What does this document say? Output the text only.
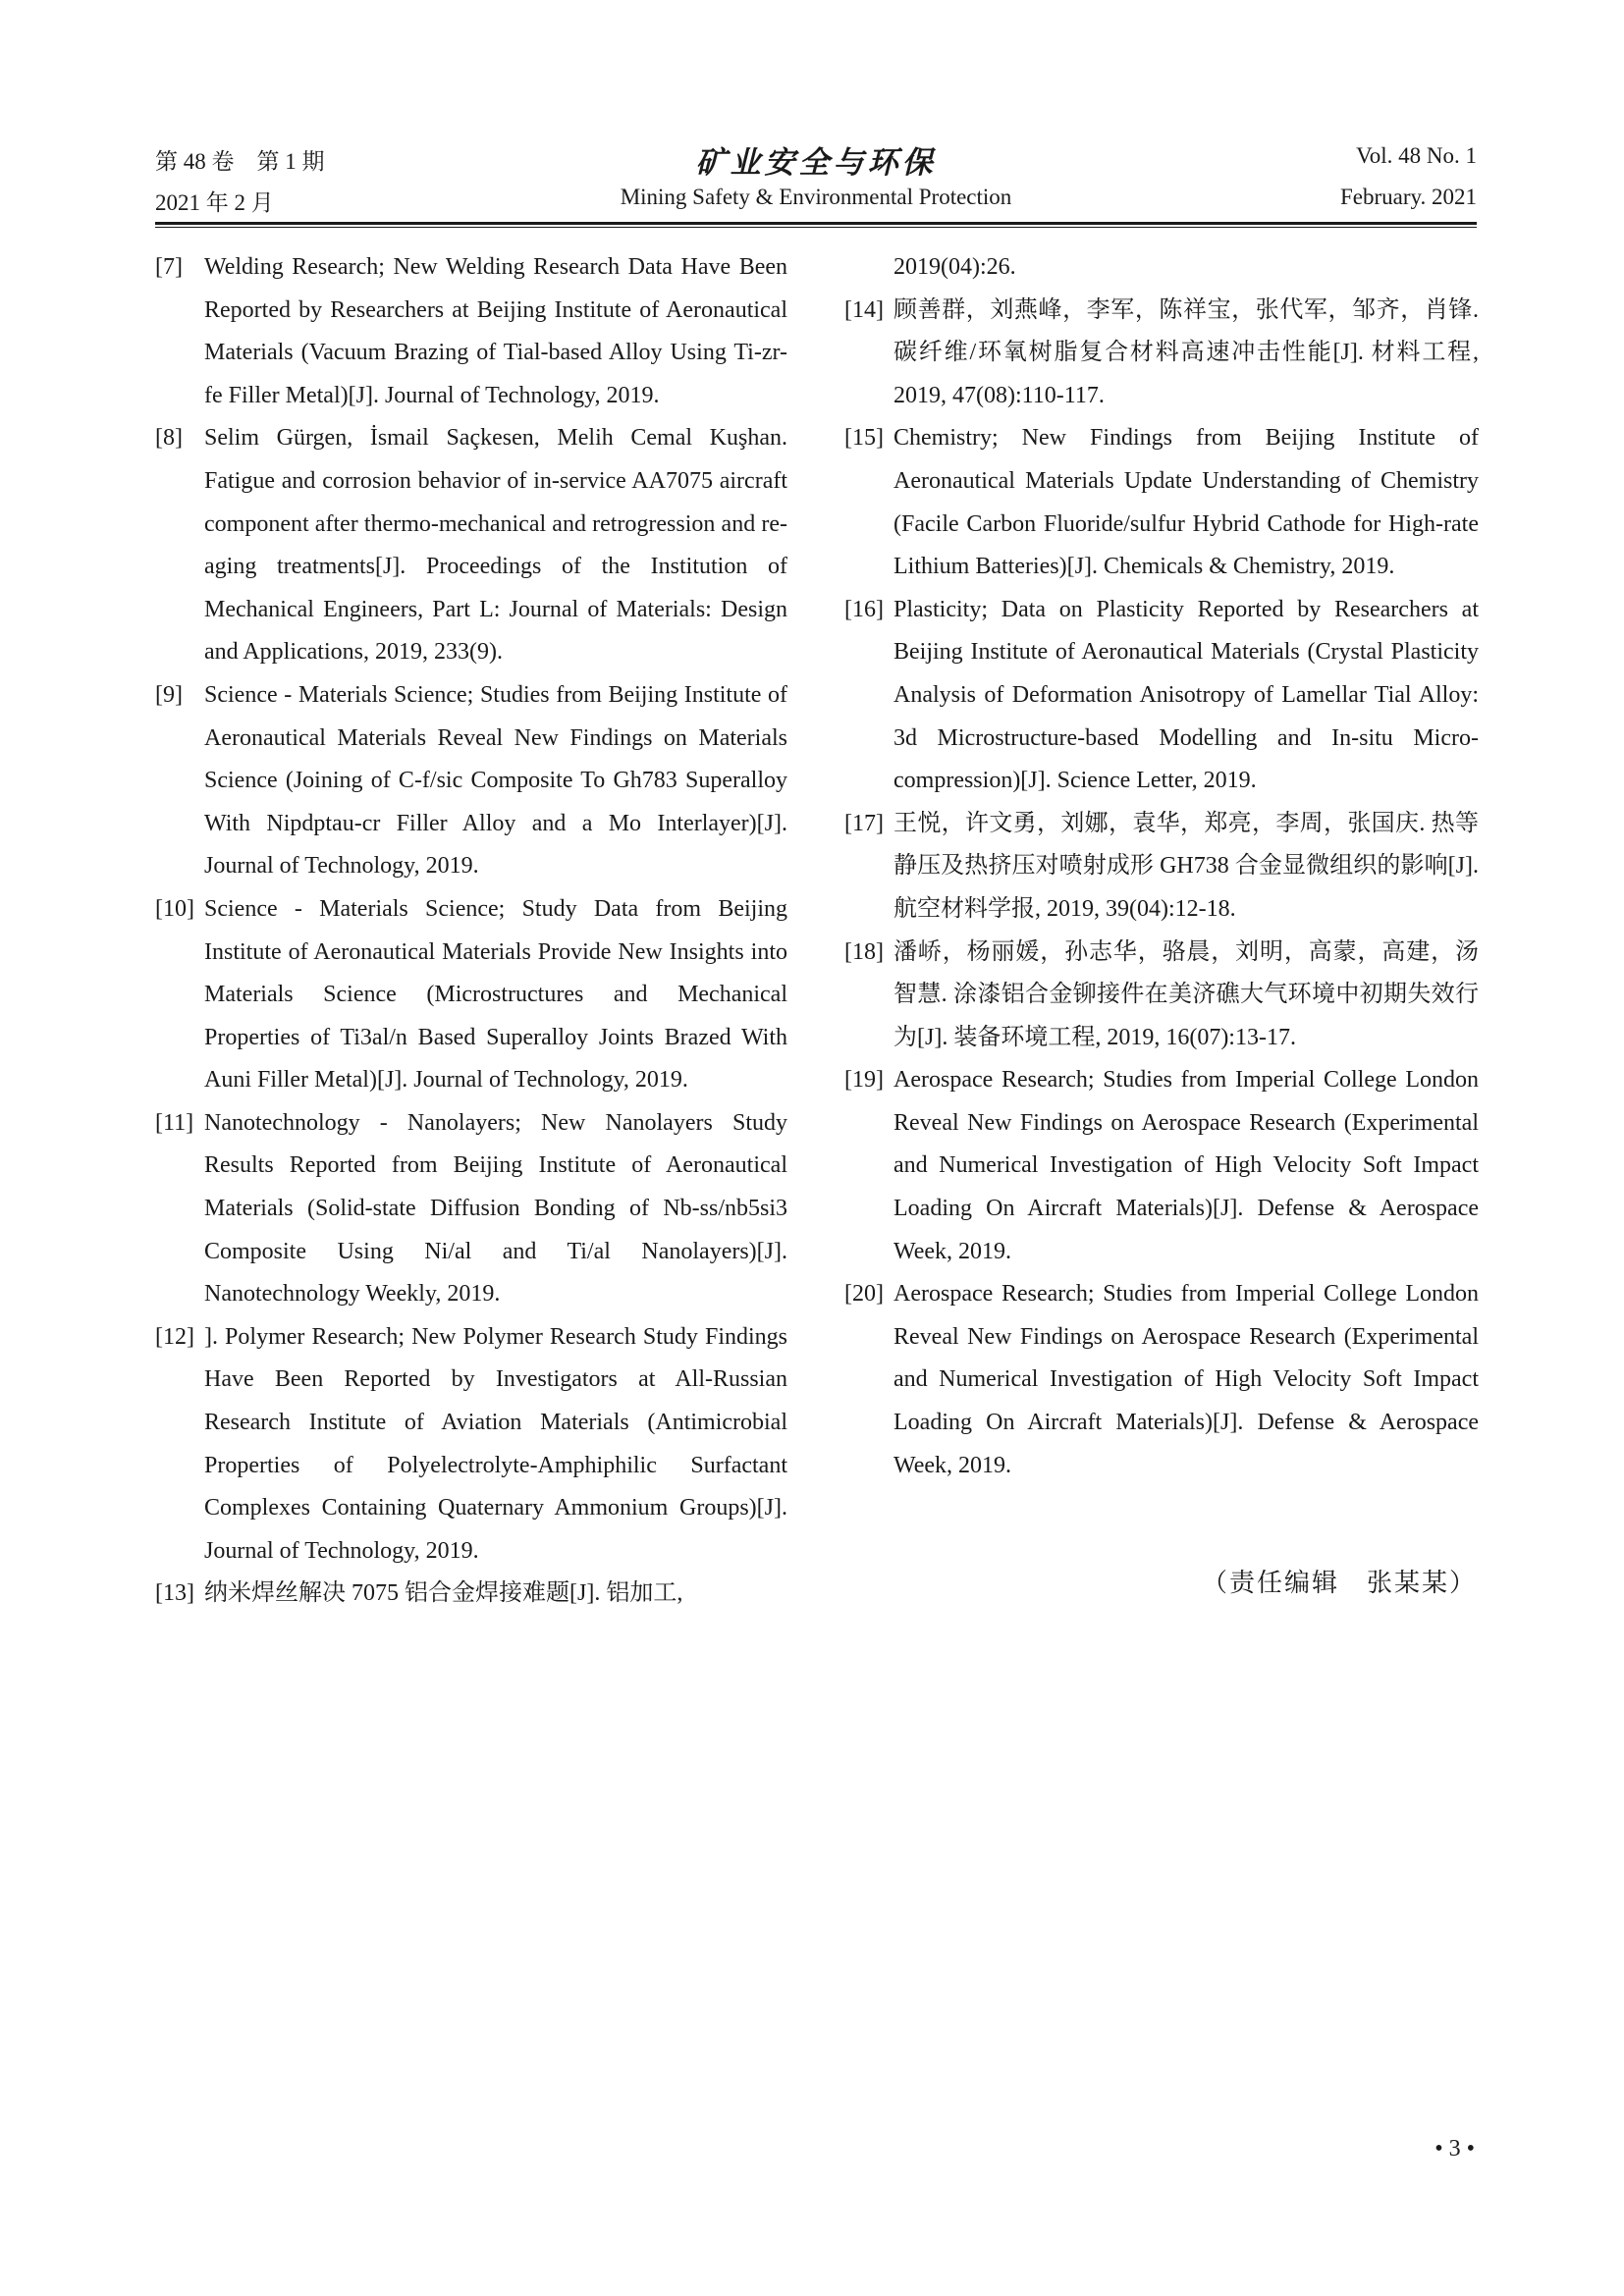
第 48 卷　第 1 期	矿业安全与环保	Vol. 48 No. 1
2021 年 2 月	Mining Safety & Environmental Protection	February. 2021
[7] Welding Research; New Welding Research Data Have Been Reported by Researchers at Beijing Institute of Aeronautical Materials (Vacuum Brazing of Tial-based Alloy Using Ti-zr-fe Filler Metal)[J]. Journal of Technology, 2019.
[8] Selim Gürgen, İsmail Saçkesen, Melih Cemal Kuşhan. Fatigue and corrosion behavior of in-service AA7075 aircraft component after thermo-mechanical and retrogression and re-aging treatments[J]. Proceedings of the Institution of Mechanical Engineers, Part L: Journal of Materials: Design and Applications, 2019, 233(9).
[9] Science - Materials Science; Studies from Beijing Institute of Aeronautical Materials Reveal New Findings on Materials Science (Joining of C-f/sic Composite To Gh783 Superalloy With Nipdptau-cr Filler Alloy and a Mo Interlayer)[J]. Journal of Technology, 2019.
[10] Science - Materials Science; Study Data from Beijing Institute of Aeronautical Materials Provide New Insights into Materials Science (Microstructures and Mechanical Properties of Ti3al/n Based Superalloy Joints Brazed With Auni Filler Metal)[J]. Journal of Technology, 2019.
[11] Nanotechnology - Nanolayers; New Nanolayers Study Results Reported from Beijing Institute of Aeronautical Materials (Solid-state Diffusion Bonding of Nb-ss/nb5si3 Composite Using Ni/al and Ti/al Nanolayers)[J]. Nanotechnology Weekly, 2019.
[12] ]. Polymer Research; New Polymer Research Study Findings Have Been Reported by Investigators at All-Russian Research Institute of Aviation Materials (Antimicrobial Properties of Polyelectrolyte-Amphiphilic Surfactant Complexes Containing Quaternary Ammonium Groups)[J]. Journal of Technology, 2019.
[13] 纳米焊丝解决 7075 铝合金焊接难题[J]. 铝加工,
2019(04):26.
[14] 顾善群，刘燕峰，李军，陈祥宝，张代军，邹齐，肖锋. 碳纤维/环氧树脂复合材料高速冲击性能[J]. 材料工程, 2019, 47(08):110-117.
[15] Chemistry; New Findings from Beijing Institute of Aeronautical Materials Update Understanding of Chemistry (Facile Carbon Fluoride/sulfur Hybrid Cathode for High-rate Lithium Batteries)[J]. Chemicals & Chemistry, 2019.
[16] Plasticity; Data on Plasticity Reported by Researchers at Beijing Institute of Aeronautical Materials (Crystal Plasticity Analysis of Deformation Anisotropy of Lamellar Tial Alloy: 3d Microstructure-based Modelling and In-situ Micro-compression)[J]. Science Letter, 2019.
[17] 王悦，许文勇，刘娜，袁华，郑亮，李周，张国庆. 热等静压及热挤压对喷射成形 GH738 合金显微组织的影响[J]. 航空材料学报, 2019, 39(04):12-18.
[18] 潘峤，杨丽媛，孙志华，骆晨，刘明，高蒙，高建，汤智慧. 涂漆铝合金铆接件在美济礁大气环境中初期失效行为[J]. 装备环境工程, 2019, 16(07):13-17.
[19] Aerospace Research; Studies from Imperial College London Reveal New Findings on Aerospace Research (Experimental and Numerical Investigation of High Velocity Soft Impact Loading On Aircraft Materials)[J]. Defense & Aerospace Week, 2019.
[20] Aerospace Research; Studies from Imperial College London Reveal New Findings on Aerospace Research (Experimental and Numerical Investigation of High Velocity Soft Impact Loading On Aircraft Materials)[J]. Defense & Aerospace Week, 2019.
（责任编辑　张某某）
• 3 •
